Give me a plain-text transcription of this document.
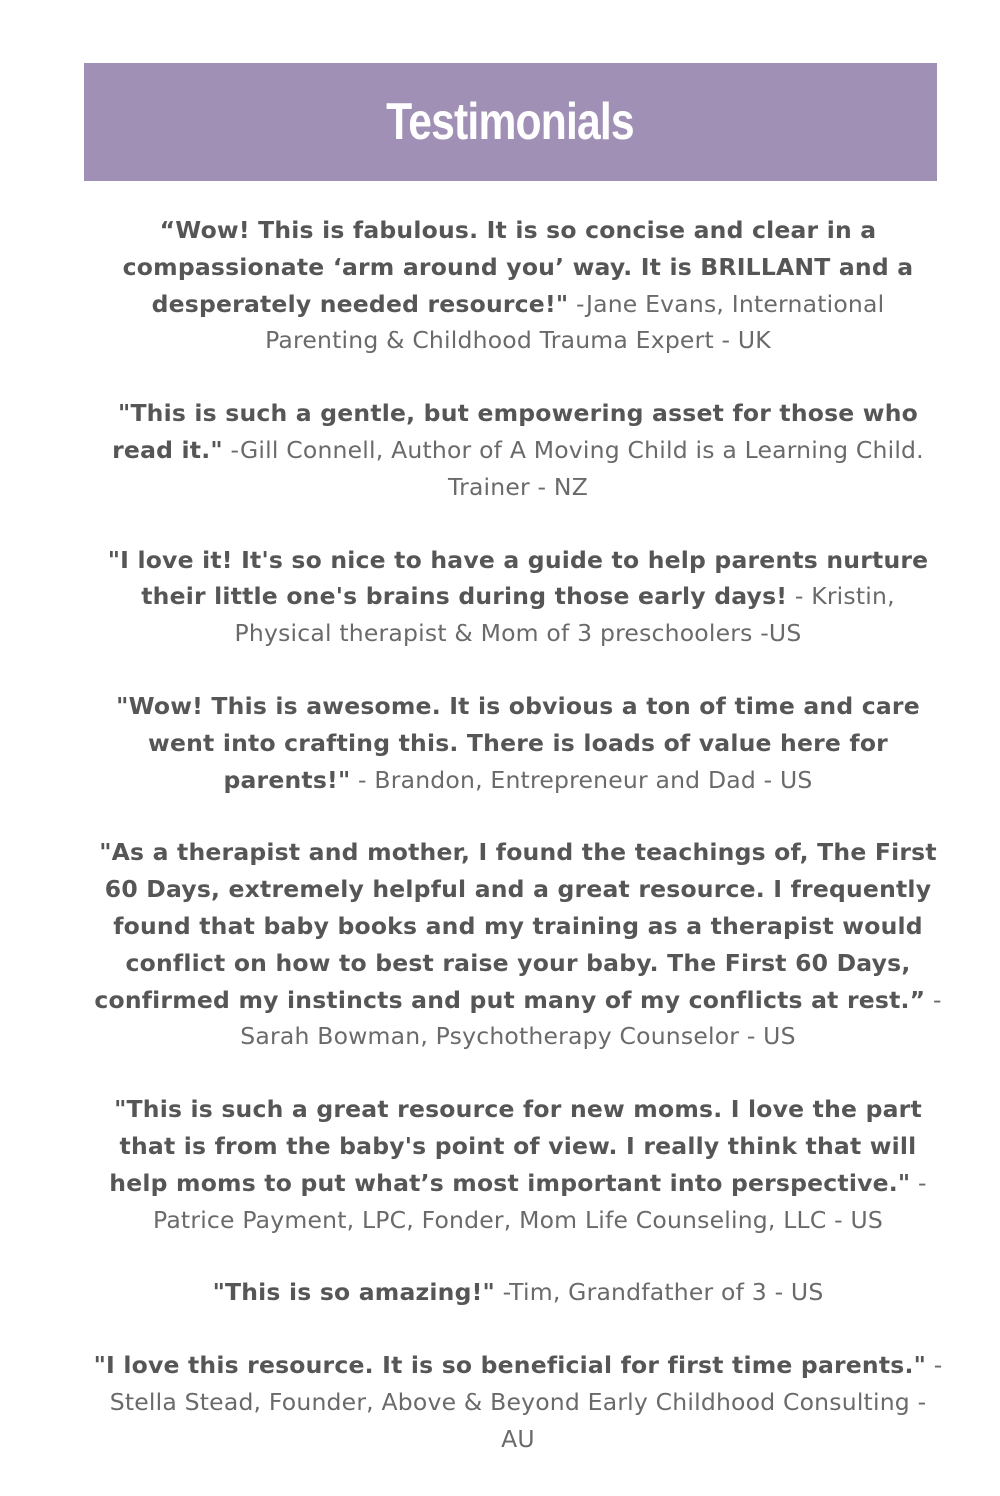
Testimonials

“Wow! This is fabulous. It is so concise and clear in a compassionate ‘arm around you’ way. It is BRILLANT and a desperately needed resource!" -Jane Evans, International Parenting & Childhood Trauma Expert - UK

"This is such a gentle, but empowering asset for those who read it." -Gill Connell, Author of A Moving Child is a Learning Child. Trainer - NZ

"I love it! It's so nice to have a guide to help parents nurture their little one's brains during those early days! - Kristin, Physical therapist & Mom of 3 preschoolers -US

"Wow! This is awesome. It is obvious a ton of time and care went into crafting this. There is loads of value here for parents!" - Brandon, Entrepreneur and Dad - US

"As a therapist and mother, I found the teachings of, The First 60 Days, extremely helpful and a great resource. I frequently found that baby books and my training as a therapist would conflict on how to best raise your baby. The First 60 Days, confirmed my instincts and put many of my conflicts at rest.” - Sarah Bowman, Psychotherapy Counselor - US

"This is such a great resource for new moms. I love the part that is from the baby's point of view. I really think that will help moms to put what’s most important into perspective." - Patrice Payment, LPC, Fonder, Mom Life Counseling, LLC - US

"This is so amazing!" -Tim, Grandfather of 3 - US

"I love this resource. It is so beneficial for first time parents." -Stella Stead, Founder, Above & Beyond Early Childhood Consulting - AU
